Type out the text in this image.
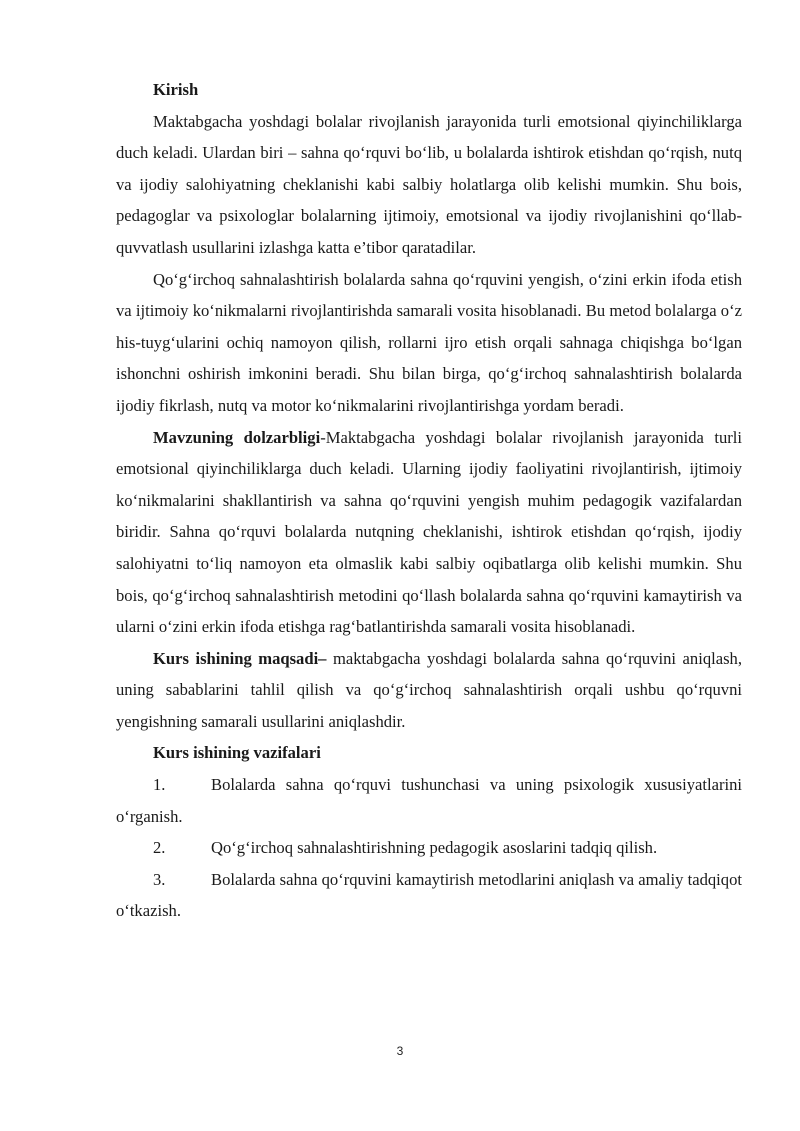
Kirish

Maktabgacha yoshdagi bolalar rivojlanish jarayonida turli emotsional qiyinchiliklarga duch keladi. Ulardan biri – sahna qo‘rquvi bo‘lib, u bolalarda ishtirok etishdan qo‘rqish, nutq va ijodiy salohiyatning cheklanishi kabi salbiy holatlarga olib kelishi mumkin. Shu bois, pedagoglar va psixologlar bolalarning ijtimoiy, emotsional va ijodiy rivojlanishini qo‘llab-quvvatlash usullarini izlashga katta e’tibor qaratadilar.

Qo‘g‘irchoq sahnalashtirish bolalarda sahna qo‘rquvini yengish, o‘zini erkin ifoda etish va ijtimoiy ko‘nikmalarni rivojlantirishda samarali vosita hisoblanadi. Bu metod bolalarga o‘z his-tuyg‘ularini ochiq namoyon qilish, rollarni ijro etish orqali sahnaga chiqishga bo‘lgan ishonchni oshirish imkonini beradi. Shu bilan birga, qo‘g‘irchoq sahnalashtirish bolalarda ijodiy fikrlash, nutq va motor ko‘nikmalarini rivojlantirishga yordam beradi.

Mavzuning dolzarbligi-Maktabgacha yoshdagi bolalar rivojlanish jarayonida turli emotsional qiyinchiliklarga duch keladi. Ularning ijodiy faoliyatini rivojlantirish, ijtimoiy ko‘nikmalarini shakllantirish va sahna qo‘rquvini yengish muhim pedagogik vazifalardan biridir. Sahna qo‘rquvi bolalarda nutqning cheklanishi, ishtirok etishdan qo‘rqish, ijodiy salohiyatni to‘liq namoyon eta olmaslik kabi salbiy oqibatlarga olib kelishi mumkin. Shu bois, qo‘g‘irchoq sahnalashtirish metodini qo‘llash bolalarda sahna qo‘rquvini kamaytirish va ularni o‘zini erkin ifoda etishga rag‘batlantirishda samarali vosita hisoblanadi.

Kurs ishining maqsadi– maktabgacha yoshdagi bolalarda sahna qo‘rquvini aniqlash, uning sabablarini tahlil qilish va qo‘g‘irchoq sahnalashtirish orqali ushbu qo‘rquvni yengishning samarali usullarini aniqlashdir.

Kurs ishining vazifalari

1.	Bolalarda sahna qo‘rquvi tushunchasi va uning psixologik xususiyatlarini o‘rganish.

2.	Qo‘g‘irchoq sahnalashtirishning pedagogik asoslarini tadqiq qilish.

3.	Bolalarda sahna qo‘rquvini kamaytirish metodlarini aniqlash va amaliy tadqiqot o‘tkazish.

3
